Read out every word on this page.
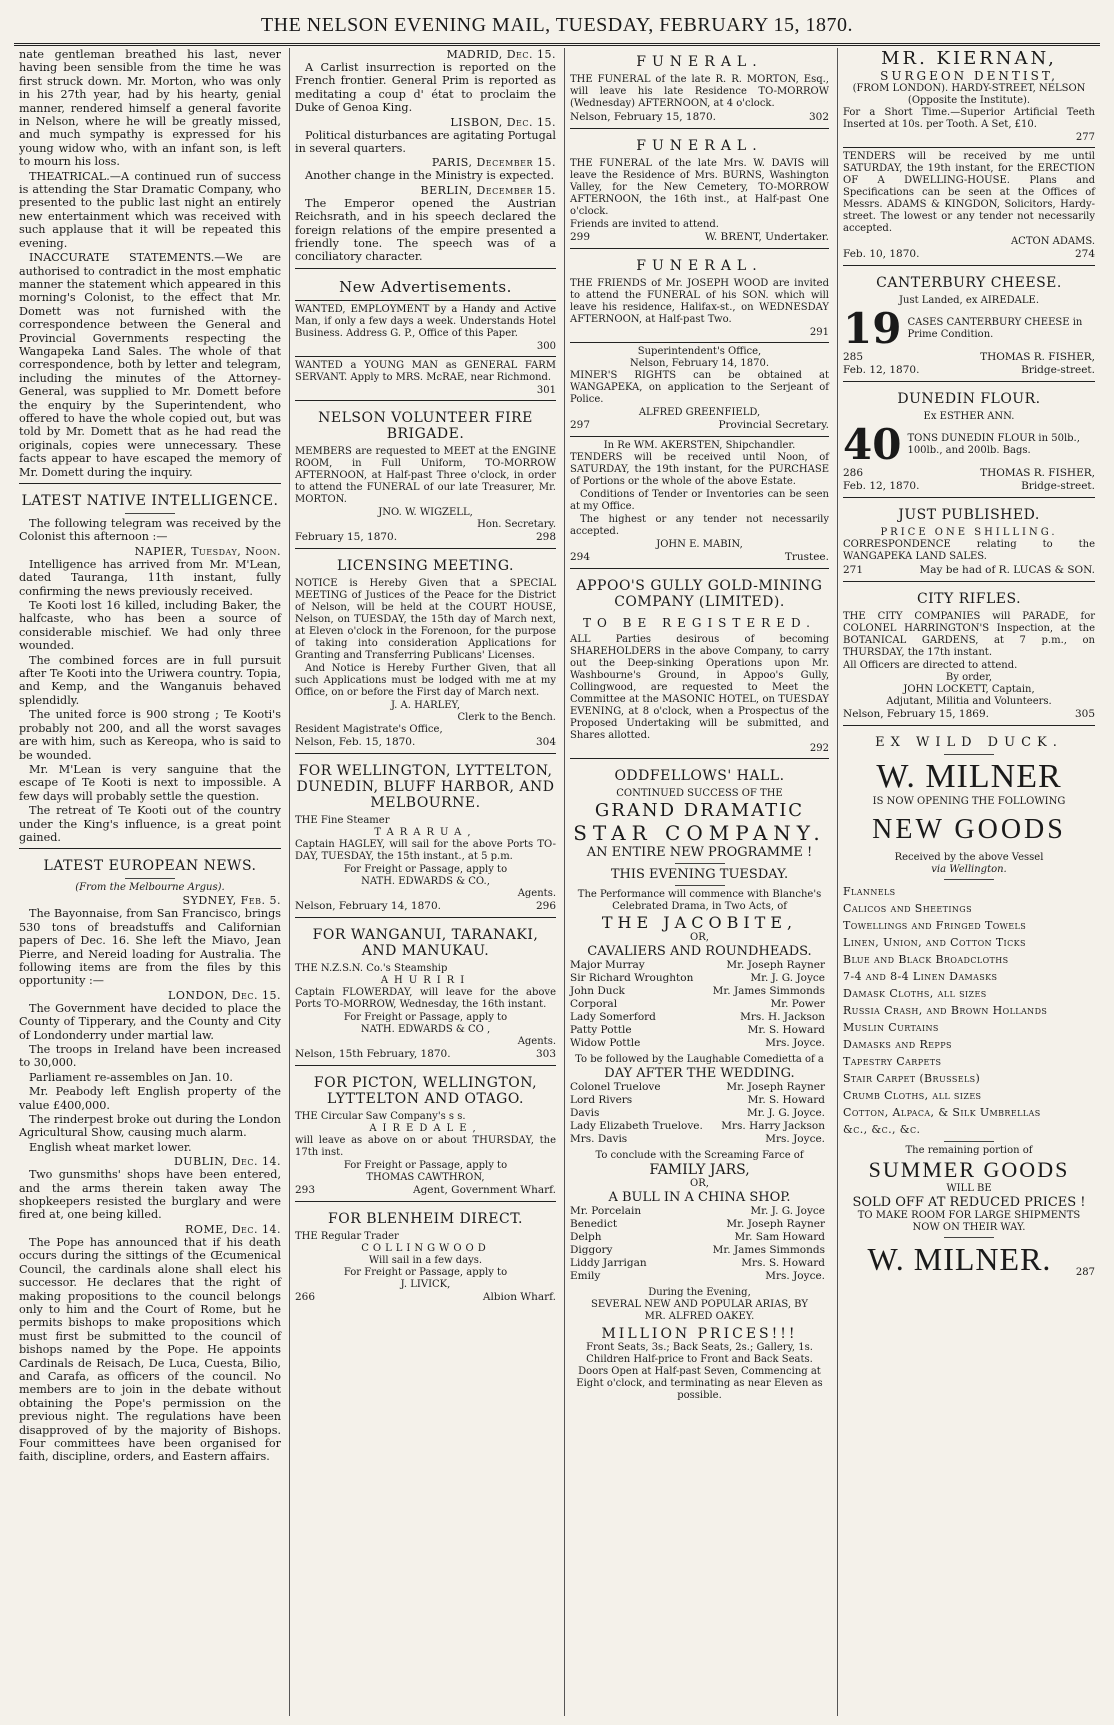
THE NELSON EVENING MAIL, TUESDAY, FEBRUARY 15, 1870.

nate gentleman breathed his last, never having been sensible from the time he was first struck down. Mr. Morton, who was only in his 27th year, had by his hearty, genial manner, rendered himself a general favorite in Nelson, where he will be greatly missed, and much sympathy is expressed for his young widow who, with an infant son, is left to mourn his loss.

THEATRICAL.—A continued run of success is attending the Star Dramatic Company, who presented to the public last night an entirely new entertainment which was received with such applause that it will be repeated this evening.

INACCURATE STATEMENTS.—We are authorised to contradict in the most emphatic manner the statement which appeared in this morning's Colonist, to the effect that Mr. Domett was not furnished with the correspondence between the General and Provincial Governments respecting the Wangapeka Land Sales. The whole of that correspondence, both by letter and telegram, including the minutes of the Attorney-General, was supplied to Mr. Domett before the enquiry by the Superintendent, who offered to have the whole copied out, but was told by Mr. Domett that as he had read the originals, copies were unnecessary. These facts appear to have escaped the memory of Mr. Domett during the inquiry.

LATEST NATIVE INTELLIGENCE.

The following telegram was received by the Colonist this afternoon :—

NAPIER, Tuesday, Noon.

Intelligence has arrived from Mr. M'Lean, dated Tauranga, 11th instant, fully confirming the news previously received.

Te Kooti lost 16 killed, including Baker, the halfcaste, who has been a source of considerable mischief. We had only three wounded.

The combined forces are in full pursuit after Te Kooti into the Uriwera country. Topia, and Kemp, and the Wanganuis behaved splendidly.

The united force is 900 strong ; Te Kooti's probably not 200, and all the worst savages are with him, such as Kereopa, who is said to be wounded.

Mr. M'Lean is very sanguine that the escape of Te Kooti is next to impossible. A few days will probably settle the question.

The retreat of Te Kooti out of the country under the King's influence, is a great point gained.

LATEST EUROPEAN NEWS.
(From the Melbourne Argus).
SYDNEY, Feb. 5.

The Bayonnaise, from San Francisco, brings 530 tons of breadstuffs and Californian papers of Dec. 16. She left the Miavo, Jean Pierre, and Nereid loading for Australia. The following items are from the files by this opportunity :—

LONDON, Dec. 15.

The Government have decided to place the County of Tipperary, and the County and City of Londonderry under martial law.

The troops in Ireland have been increased to 30,000.

Parliament re-assembles on Jan. 10.

Mr. Peabody left English property of the value £400,000.

The rinderpest broke out during the London Agricultural Show, causing much alarm.

English wheat market lower.

DUBLIN, Dec. 14.

Two gunsmiths' shops have been entered, and the arms therein taken away The shopkeepers resisted the burglary and were fired at, one being killed.

ROME, Dec. 14.

The Pope has announced that if his death occurs during the sittings of the Œcumenical Council, the cardinals alone shall elect his successor. He declares that the right of making propositions to the council belongs only to him and the Court of Rome, but he permits bishops to make propositions which must first be submitted to the council of bishops named by the Pope. He appoints Cardinals de Reisach, De Luca, Cuesta, Bilio, and Carafa, as officers of the council. No members are to join in the debate without obtaining the Pope's permission on the previous night. The regulations have been disapproved of by the majority of Bishops. Four committees have been organised for faith, discipline, orders, and Eastern affairs.

MADRID, Dec. 15.

A Carlist insurrection is reported on the French frontier. General Prim is reported as meditating a coup d' état to proclaim the Duke of Genoa King.

LISBON, Dec. 15.

Political disturbances are agitating Portugal in several quarters.

PARIS, December 15.

Another change in the Ministry is expected.

BERLIN, December 15.

The Emperor opened the Austrian Reichsrath, and in his speech declared the foreign relations of the empire presented a friendly tone. The speech was of a conciliatory character.

New Advertisements.

WANTED, EMPLOYMENT by a Handy and Active Man, if only a few days a week. Understands Hotel Business. Address G. P., Office of this Paper.

300

WANTED a YOUNG MAN as GENERAL FARM SERVANT. Apply to MRS. McRAE, near Richmond.

301
NELSON VOLUNTEER FIRE BRIGADE.

MEMBERS are requested to MEET at the ENGINE ROOM, in Full Uniform, TO-MORROW AFTERNOON, at Half-past Three o'clock, in order to attend the FUNERAL of our late Treasurer, Mr. MORTON.

JNO. W. WIGZELL,
Hon. Secretary.
February 15, 1870.	298
LICENSING MEETING.

NOTICE is Hereby Given that a SPECIAL MEETING of Justices of the Peace for the District of Nelson, will be held at the COURT HOUSE, Nelson, on TUESDAY, the 15th day of March next, at Eleven o'clock in the Forenoon, for the purpose of taking into consideration Applications for Granting and Transferring Publicans' Licenses.

And Notice is Hereby Further Given, that all such Applications must be lodged with me at my Office, on or before the First day of March next.

J. A. HARLEY,
Clerk to the Bench.
Resident Magistrate's Office,
Nelson, Feb. 15, 1870.	304
FOR WELLINGTON, LYTTELTON, DUNEDIN, BLUFF HARBOR, AND MELBOURNE.
THE Fine Steamer
TARARUA,

Captain HAGLEY, will sail for the above Ports TO-DAY, TUESDAY, the 15th instant., at 5 p.m.

For Freight or Passage, apply to
NATH. EDWARDS & CO.,
Agents.
Nelson, February 14, 1870.	296
FOR WANGANUI, TARANAKI, AND MANUKAU.
THE N.Z.S.N. Co.'s Steamship
AHURIRI

Captain FLOWERDAY, will leave for the above Ports TO-MORROW, Wednesday, the 16th instant.

For Freight or Passage, apply to
NATH. EDWARDS & CO ,
Agents.
Nelson, 15th February, 1870.	303
FOR PICTON, WELLINGTON, LYTTELTON AND OTAGO.
THE Circular Saw Company's s s.
AIREDALE,

will leave as above on or about THURSDAY, the 17th inst.

For Freight or Passage, apply to
THOMAS CAWTHRON,
293	Agent, Government Wharf.
FOR BLENHEIM DIRECT.
THE Regular Trader
COLLINGWOOD
Will sail in a few days.
For Freight or Passage, apply to
J. LIVICK,
266	Albion Wharf.
FUNERAL.

THE FUNERAL of the late R. R. MORTON, Esq., will leave his late Residence TO-MORROW (Wednesday) AFTERNOON, at 4 o'clock.

Nelson, February 15, 1870.	302
FUNERAL.

THE FUNERAL of the late Mrs. W. DAVIS will leave the Residence of Mrs. BURNS, Washington Valley, for the New Cemetery, TO-MORROW AFTERNOON, the 16th inst., at Half-past One o'clock.

Friends are invited to attend.
299	W. BRENT, Undertaker.
FUNERAL.

THE FRIENDS of Mr. JOSEPH WOOD are invited to attend the FUNERAL of his SON. which will leave his residence, Halifax-st., on WEDNESDAY AFTERNOON, at Half-past Two.

291
Superintendent's Office,
Nelson, February 14, 1870.

MINER'S RIGHTS can be obtained at WANGAPEKA, on application to the Serjeant of Police.

ALFRED GREENFIELD,
297	Provincial Secretary.
In Re WM. AKERSTEN, Shipchandler.

TENDERS will be received until Noon, of SATURDAY, the 19th instant, for the PURCHASE of Portions or the whole of the above Estate.

Conditions of Tender or Inventories can be seen at my Office.

The highest or any tender not necessarily accepted.

JOHN E. MABIN,
294	Trustee.
APPOO'S GULLY GOLD-MINING COMPANY (LIMITED).
TO BE REGISTERED.

ALL Parties desirous of becoming SHAREHOLDERS in the above Company, to carry out the Deep-sinking Operations upon Mr. Washbourne's Ground, in Appoo's Gully, Collingwood, are requested to Meet the Committee at the MASONIC HOTEL, on TUESDAY EVENING, at 8 o'clock, when a Prospectus of the Proposed Undertaking will be submitted, and Shares allotted.

292
ODDFELLOWS' HALL.
CONTINUED SUCCESS OF THE
GRAND DRAMATIC
STAR COMPANY.
AN ENTIRE NEW PROGRAMME !
THIS EVENING TUESDAY.
The Performance will commence with Blanche's Celebrated Drama, in Two Acts, of
THE JACOBITE,
OR,
CAVALIERS AND ROUNDHEADS.
Major Murray	Mr. Joseph Rayner
Sir Richard Wroughton	Mr. J. G. Joyce
John Duck	Mr. James Simmonds
Corporal	Mr. Power
Lady Somerford	Mrs. H. Jackson
Patty Pottle	Mr. S. Howard
Widow Pottle	Mrs. Joyce.
To be followed by the Laughable Comedietta of a
DAY AFTER THE WEDDING.
Colonel Truelove	Mr. Joseph Rayner
Lord Rivers	Mr. S. Howard
Davis	Mr. J. G. Joyce.
Lady Elizabeth Truelove. Mrs. Harry Jackson
Mrs. Davis	Mrs. Joyce.
To conclude with the Screaming Farce of
FAMILY JARS,
OR,
A BULL IN A CHINA SHOP.
Mr. Porcelain	Mr. J. G. Joyce
Benedict	Mr. Joseph Rayner
Delph	Mr. Sam Howard
Diggory	Mr. James Simmonds
Liddy Jarrigan	Mrs. S. Howard
Emily	Mrs. Joyce.
During the Evening,
SEVERAL NEW AND POPULAR ARIAS, BY
MR. ALFRED OAKEY.
MILLION PRICES!!!
Front Seats, 3s.; Back Seats, 2s.; Gallery, 1s. Children Half-price to Front and Back Seats.
Doors Open at Half-past Seven, Commencing at Eight o'clock, and terminating as near Eleven as possible.
MR. KIERNAN,
SURGEON DENTIST,
(FROM LONDON). HARDY-STREET, NELSON
(Opposite the Institute).

For a Short Time.—Superior Artificial Teeth Inserted at 10s. per Tooth. A Set, £10.

277

TENDERS will be received by me until SATURDAY, the 19th instant, for the ERECTION OF A DWELLING-HOUSE. Plans and Specifications can be seen at the Offices of Messrs. ADAMS & KINGDON, Solicitors, Hardy-street. The lowest or any tender not necessarily accepted.

ACTON ADAMS.
Feb. 10, 1870.	274
CANTERBURY CHEESE.
Just Landed, ex AIREDALE.
19 CASES CANTERBURY CHEESE in Prime Condition.
285	THOMAS R. FISHER,
Feb. 12, 1870.	Bridge-street.
DUNEDIN FLOUR.
Ex ESTHER ANN.
40 TONS DUNEDIN FLOUR in 50lb., 100lb., and 200lb. Bags.
286	THOMAS R. FISHER,
Feb. 12, 1870.	Bridge-street.
JUST PUBLISHED.
PRICE ONE SHILLING.

CORRESPONDENCE relating to the WANGAPEKA LAND SALES.

271	May be had of R. LUCAS & SON.
CITY RIFLES.

THE CITY COMPANIES will PARADE, for COLONEL HARRINGTON'S Inspection, at the BOTANICAL GARDENS, at 7 p.m., on THURSDAY, the 17th instant.

All Officers are directed to attend.
By order,
JOHN LOCKETT, Captain,
Adjutant, Militia and Volunteers.
Nelson, February 15, 1869.	305
EX WILD DUCK.
W. MILNER
IS NOW OPENING THE FOLLOWING
NEW GOODS
Received by the above Vessel
via Wellington.
Flannels
Calicos and Sheetings
Towellings and Fringed Towels
Linen, Union, and Cotton Ticks
Blue and Black Broadcloths
7-4 and 8-4 Linen Damasks
Damask Cloths, all sizes
Russia Crash, and Brown Hollands
Muslin Curtains
Damasks and Repps
Tapestry Carpets
Stair Carpet (Brussels)
Crumb Cloths, all sizes
Cotton, Alpaca, & Silk Umbrellas
&c., &c., &c.
The remaining portion of
SUMMER GOODS
WILL BE
SOLD OFF AT REDUCED PRICES !
TO MAKE ROOM FOR LARGE SHIPMENTS NOW ON THEIR WAY.
W. MILNER.	287
